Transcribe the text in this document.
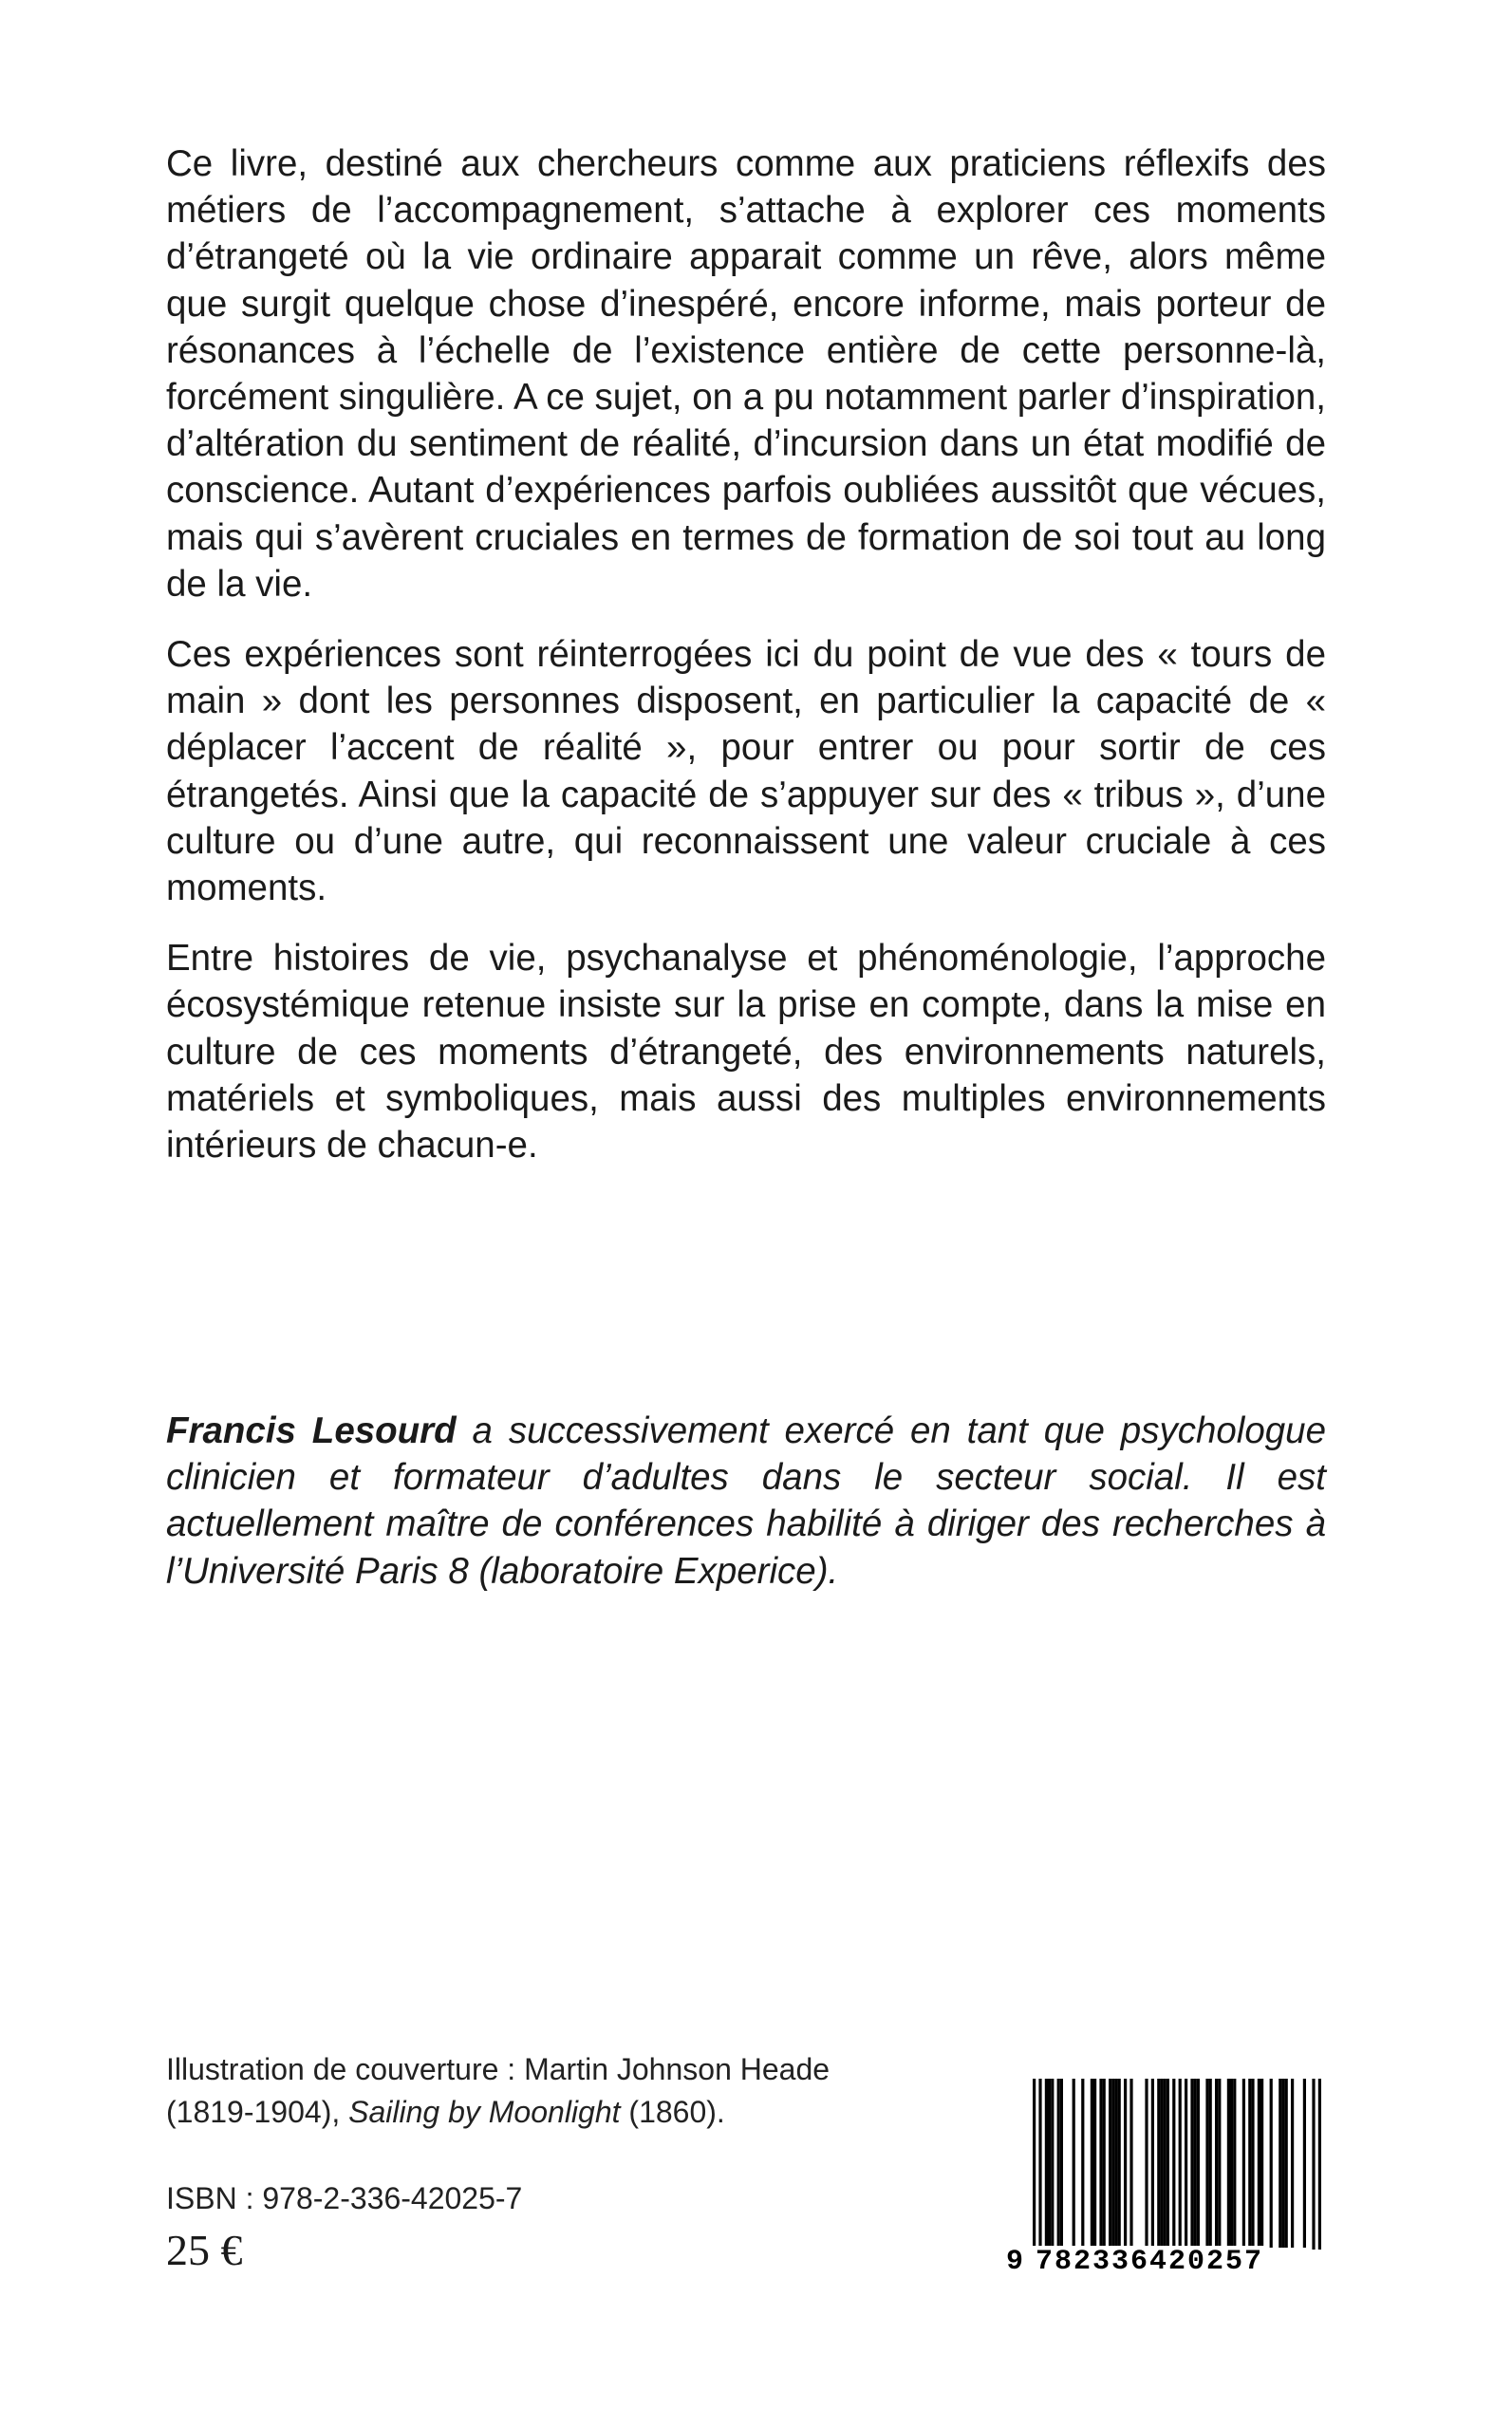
Ce livre, destiné aux chercheurs comme aux praticiens réflexifs des métiers de l’accompagnement, s’attache à explorer ces moments d’étrangeté où la vie ordinaire apparait comme un rêve, alors même que surgit quelque chose d’inespéré, encore informe, mais porteur de résonances à l’échelle de l’existence entière de cette personne-là, forcément singulière. A ce sujet, on a pu notamment parler d’inspiration, d’altération du sentiment de réalité, d’incursion dans un état modifié de conscience. Autant d’expériences parfois oubliées aussitôt que vécues, mais qui s’avèrent cruciales en termes de formation de soi tout au long de la vie.

Ces expériences sont réinterrogées ici du point de vue des « tours de main » dont les personnes disposent, en particulier la capacité de « déplacer l’accent de réalité », pour entrer ou pour sortir de ces étrangetés. Ainsi que la capacité de s’appuyer sur des « tribus », d’une culture ou d’une autre, qui reconnaissent une valeur cruciale à ces moments.

Entre histoires de vie, psychanalyse et phénoménologie, l’approche écosystémique retenue insiste sur la prise en compte, dans la mise en culture de ces moments d’étrangeté, des environnements naturels, matériels et symboliques, mais aussi des multiples environnements intérieurs de chacun-e.

Francis Lesourd a successivement exercé en tant que psychologue clinicien et formateur d’adultes dans le secteur social. Il est actuellement maître de conférences habilité à diriger des recherches à l’Université Paris 8 (laboratoire Experice).

Illustration de couverture : Martin Johnson Heade
(1819-1904), Sailing by Moonlight (1860).
ISBN : 978-2-336-42025-7
25 €	9 782336420257
